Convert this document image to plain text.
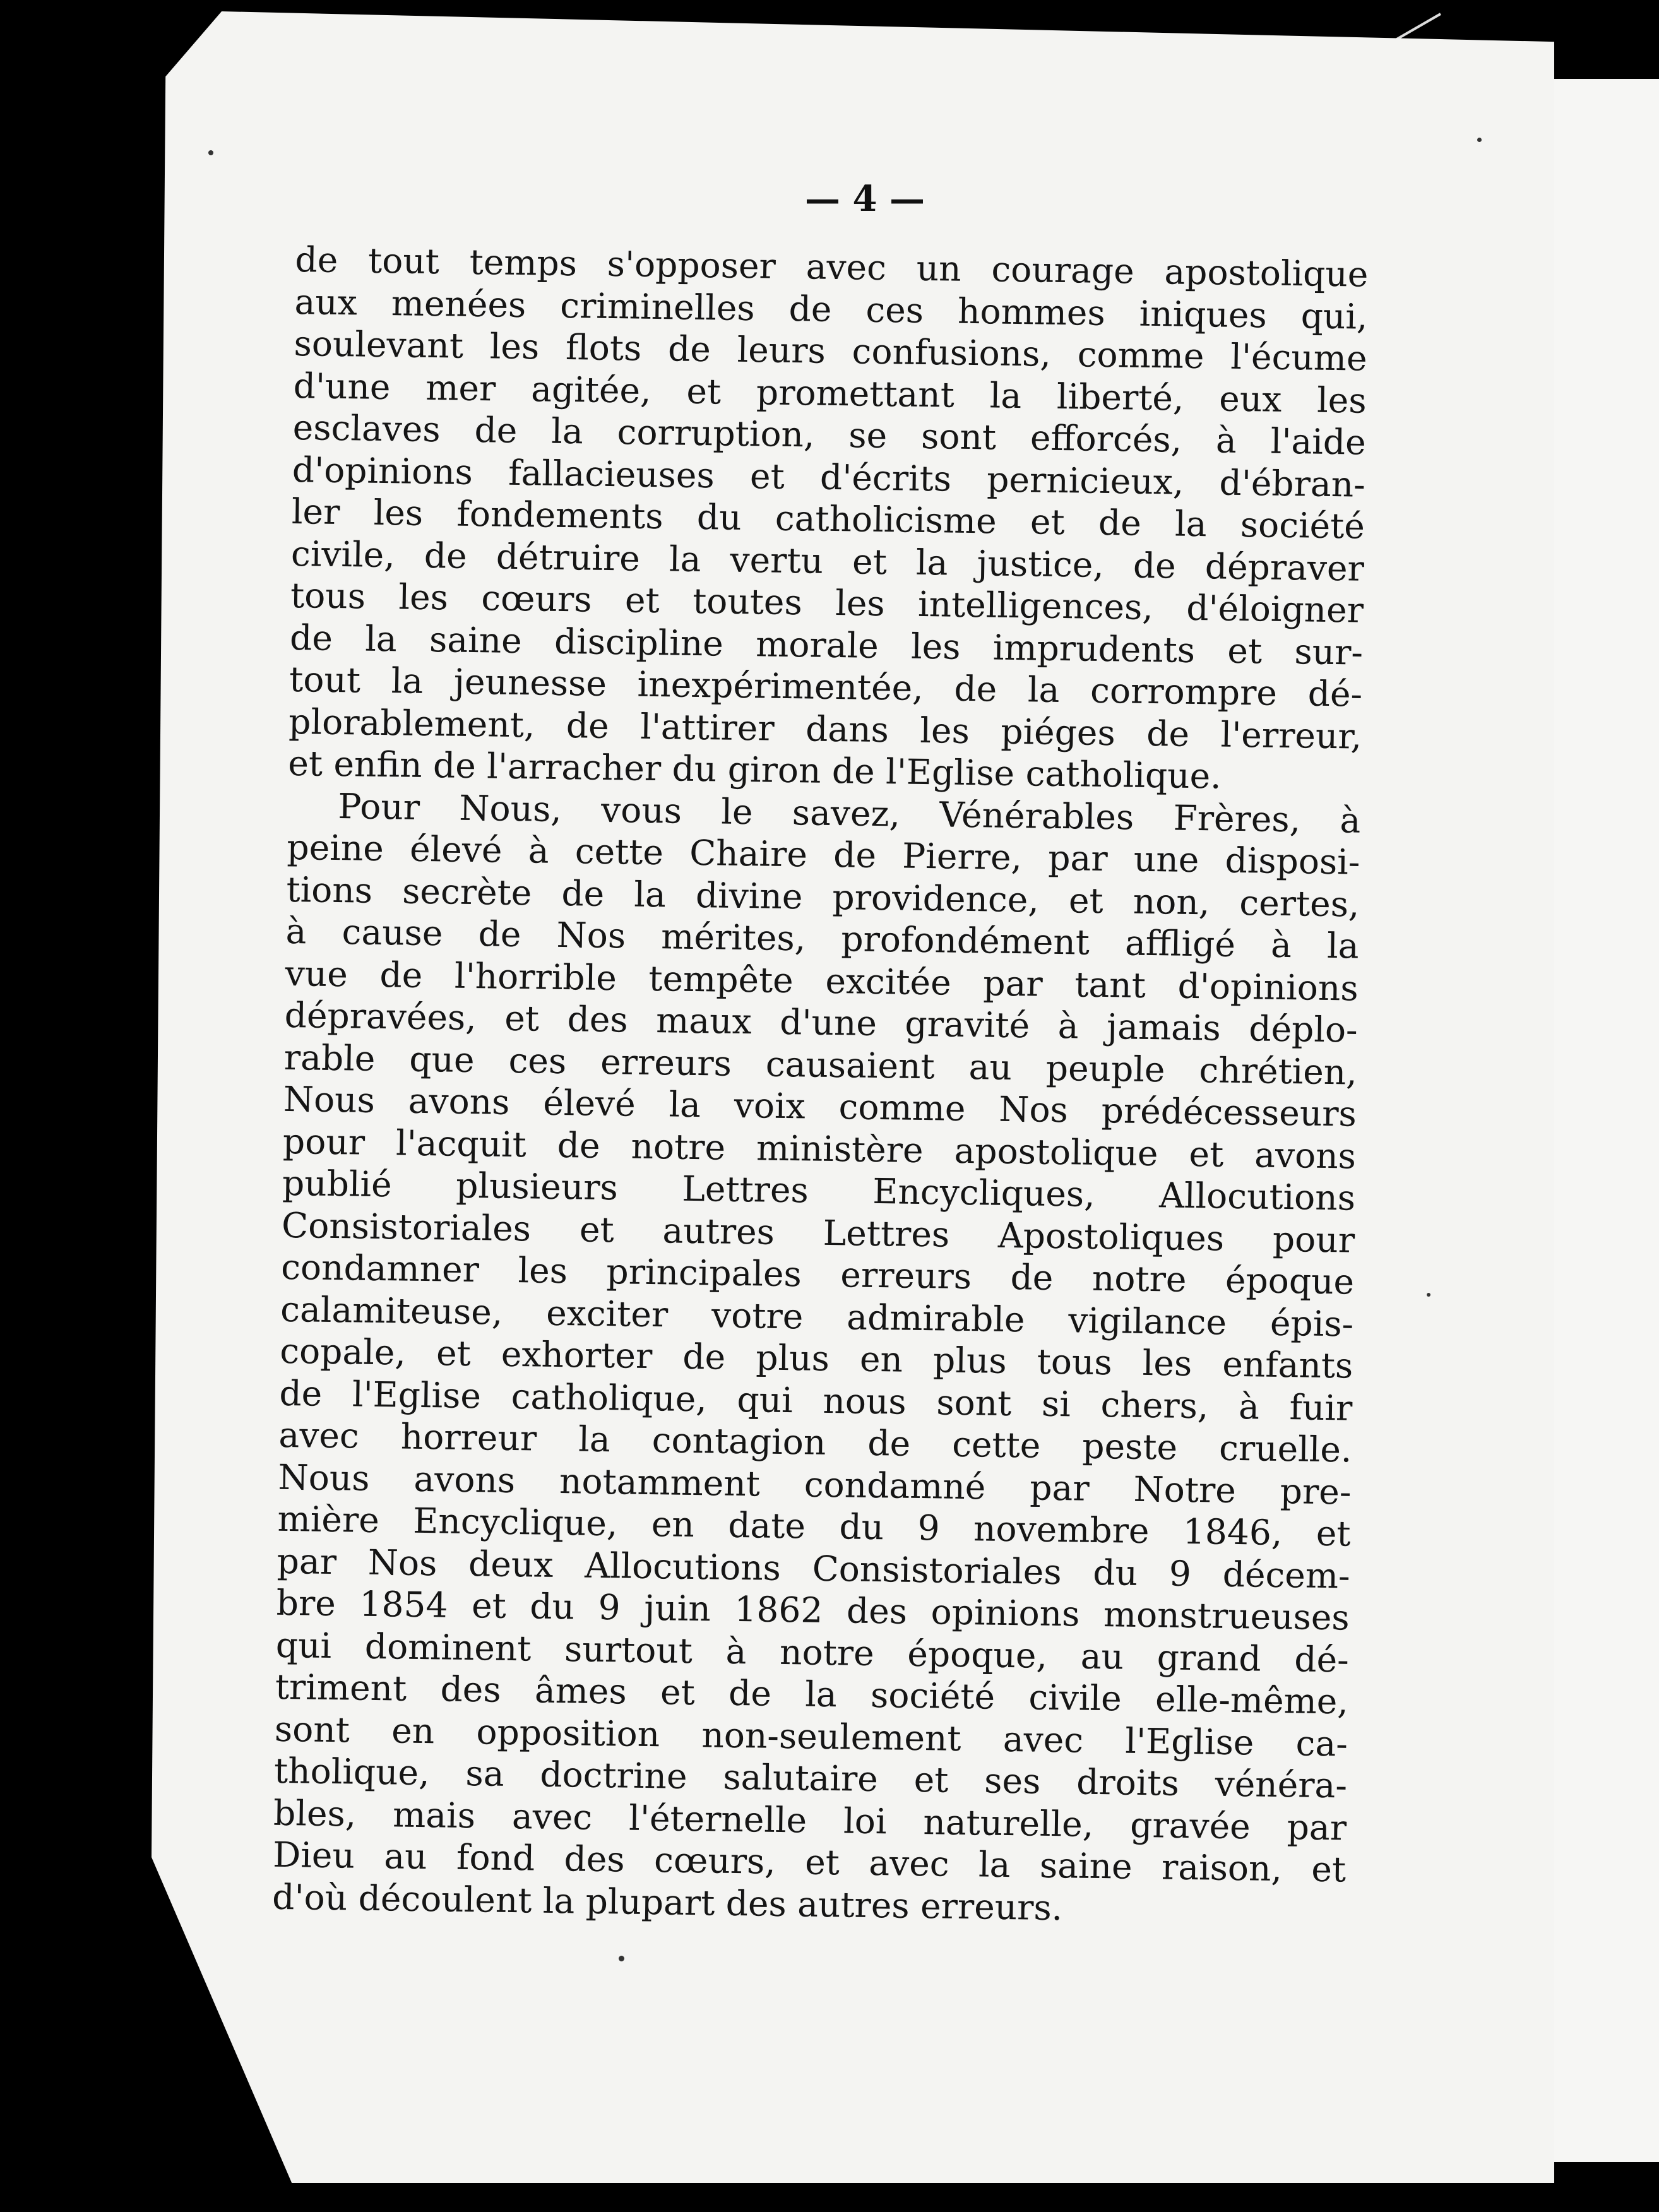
— 4 —
de tout temps s'opposer avec un courage apostolique
aux menées criminelles de ces hommes iniques qui,
soulevant les flots de leurs confusions, comme l'écume
d'une mer agitée, et promettant la liberté, eux les
esclaves de la corruption, se sont efforcés, à l'aide
d'opinions fallacieuses et d'écrits pernicieux, d'ébran-
ler les fondements du catholicisme et de la société
civile, de détruire la vertu et la justice, de dépraver
tous les cœurs et toutes les intelligences, d'éloigner
de la saine discipline morale les imprudents et sur-
tout la jeunesse inexpérimentée, de la corrompre dé-
plorablement, de l'attirer dans les piéges de l'erreur,
et enfin de l'arracher du giron de l'Eglise catholique.
Pour Nous, vous le savez, Vénérables Frères, à
peine élevé à cette Chaire de Pierre, par une disposi-
tions secrète de la divine providence, et non, certes,
à cause de Nos mérites, profondément affligé à la
vue de l'horrible tempête excitée par tant d'opinions
dépravées, et des maux d'une gravité à jamais déplo-
rable que ces erreurs causaient au peuple chrétien,
Nous avons élevé la voix comme Nos prédécesseurs
pour l'acquit de notre ministère apostolique et avons
publié plusieurs Lettres Encycliques, Allocutions
Consistoriales et autres Lettres Apostoliques pour
condamner les principales erreurs de notre époque
calamiteuse, exciter votre admirable vigilance épis-
copale, et exhorter de plus en plus tous les enfants
de l'Eglise catholique, qui nous sont si chers, à fuir
avec horreur la contagion de cette peste cruelle.
Nous avons notamment condamné par Notre pre-
mière Encyclique, en date du 9 novembre 1846, et
par Nos deux Allocutions Consistoriales du 9 décem-
bre 1854 et du 9 juin 1862 des opinions monstrueuses
qui dominent surtout à notre époque, au grand dé-
triment des âmes et de la société civile elle-même,
sont en opposition non-seulement avec l'Eglise ca-
tholique, sa doctrine salutaire et ses droits vénéra-
bles, mais avec l'éternelle loi naturelle, gravée par
Dieu au fond des cœurs, et avec la saine raison, et
d'où découlent la plupart des autres erreurs.
